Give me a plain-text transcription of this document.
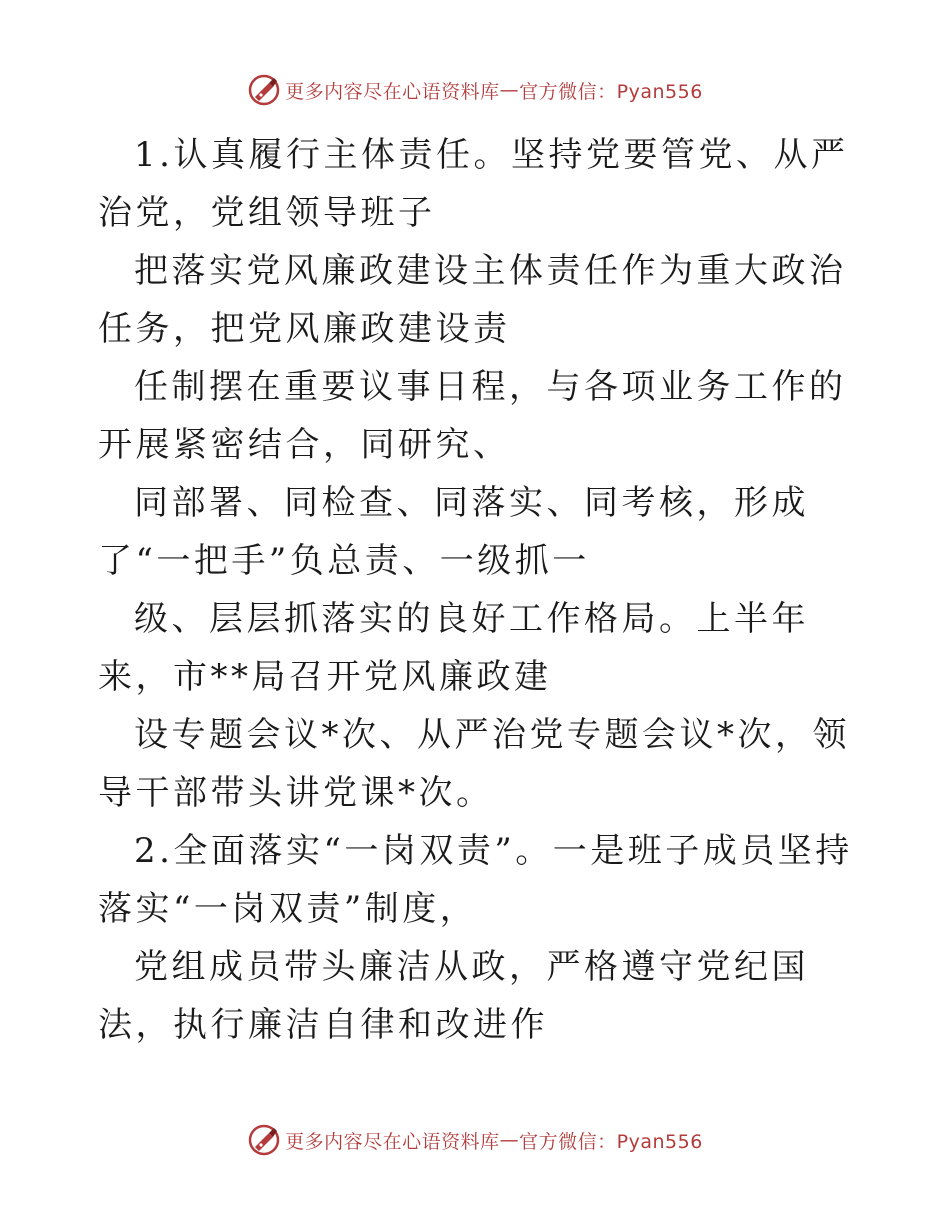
更多内容尽在心语资料库 — 官方微信：Pyan556

1.认真履行主体责任。坚持党要管党、从严治党，党组领导班子

把落实党风廉政建设主体责任作为重大政治任务，把党风廉政建设责

任制摆在重要议事日程，与各项业务工作的开展紧密结合，同研究、

同部署、同检查、同落实、同考核，形成了“一把手”负总责、一级抓一

级、层层抓落实的良好工作格局。上半年来，市**局召开党风廉政建

设专题会议*次、从严治党专题会议*次，领导干部带头讲党课*次。

2.全面落实“一岗双责”。一是班子成员坚持落实“一岗双责”制度，

党组成员带头廉洁从政，严格遵守党纪国法，执行廉洁自律和改进作

更多内容尽在心语资料库 — 官方微信：Pyan556
